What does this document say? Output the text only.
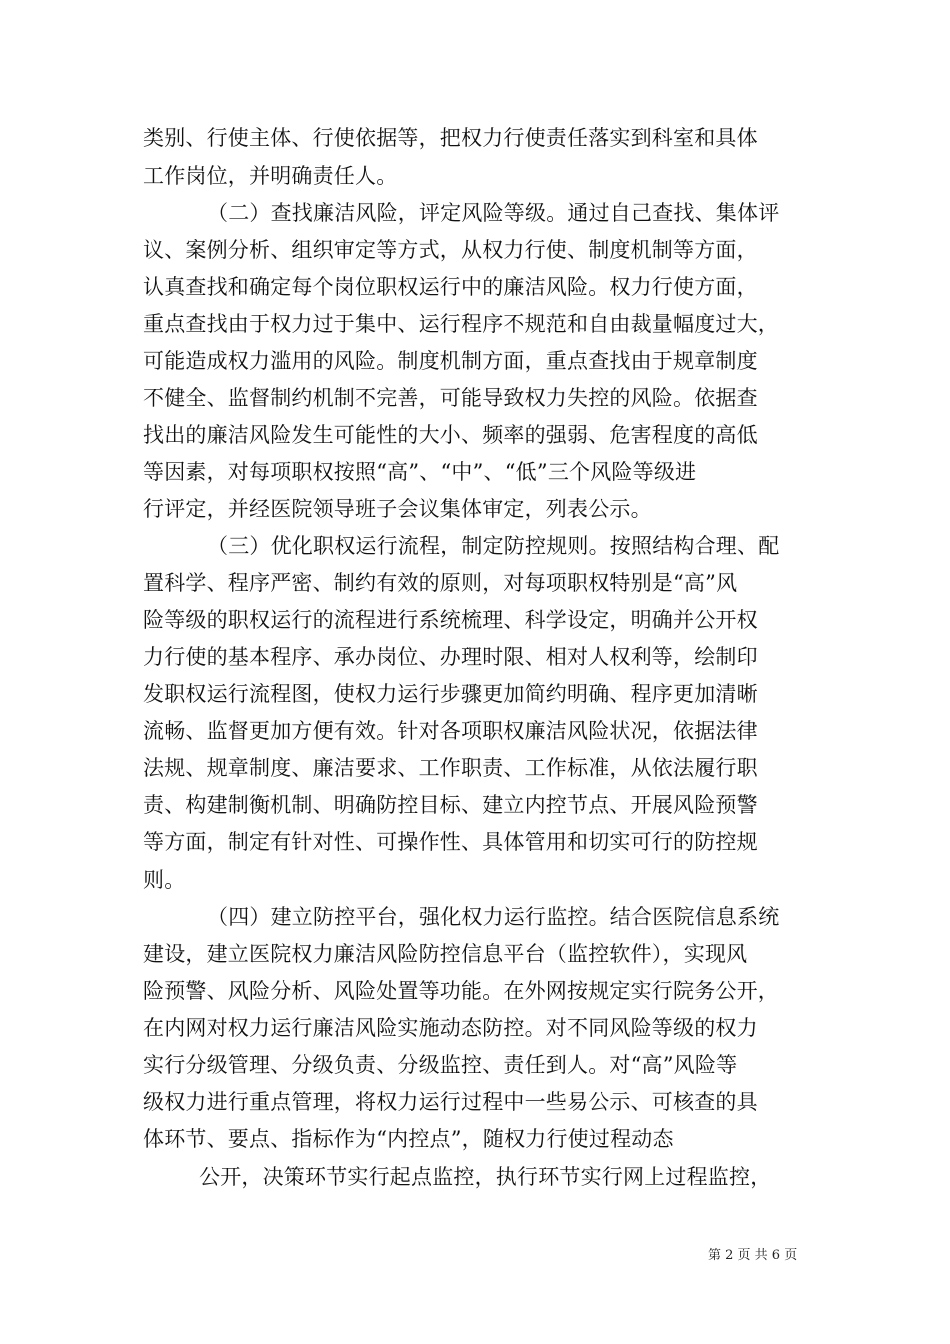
类别、行使主体、行使依据等，把权力行使责任落实到科室和具体
工作岗位，并明确责任人。
（二）查找廉洁风险，评定风险等级。通过自己查找、集体评
议、案例分析、组织审定等方式，从权力行使、制度机制等方面，
认真查找和确定每个岗位职权运行中的廉洁风险。权力行使方面，
重点查找由于权力过于集中、运行程序不规范和自由裁量幅度过大，
可能造成权力滥用的风险。制度机制方面，重点查找由于规章制度
不健全、监督制约机制不完善，可能导致权力失控的风险。依据查
找出的廉洁风险发生可能性的大小、频率的强弱、危害程度的高低
等因素，对每项职权按照“高”、“中”、“低”三个风险等级进
行评定，并经医院领导班子会议集体审定，列表公示。
（三）优化职权运行流程，制定防控规则。按照结构合理、配
置科学、程序严密、制约有效的原则，对每项职权特别是“高”风
险等级的职权运行的流程进行系统梳理、科学设定，明确并公开权
力行使的基本程序、承办岗位、办理时限、相对人权利等，绘制印
发职权运行流程图，使权力运行步骤更加简约明确、程序更加清晰
流畅、监督更加方便有效。针对各项职权廉洁风险状况，依据法律
法规、规章制度、廉洁要求、工作职责、工作标准，从依法履行职
责、构建制衡机制、明确防控目标、建立内控节点、开展风险预警
等方面，制定有针对性、可操作性、具体管用和切实可行的防控规
则。
（四）建立防控平台，强化权力运行监控。结合医院信息系统
建设，建立医院权力廉洁风险防控信息平台（监控软件），实现风
险预警、风险分析、风险处置等功能。在外网按规定实行院务公开，
在内网对权力运行廉洁风险实施动态防控。对不同风险等级的权力
实行分级管理、分级负责、分级监控、责任到人。对“高”风险等
级权力进行重点管理，将权力运行过程中一些易公示、可核查的具
体环节、要点、指标作为“内控点”，随权力行使过程动态
公开，决策环节实行起点监控，执行环节实行网上过程监控，
第 2 页 共 6 页
